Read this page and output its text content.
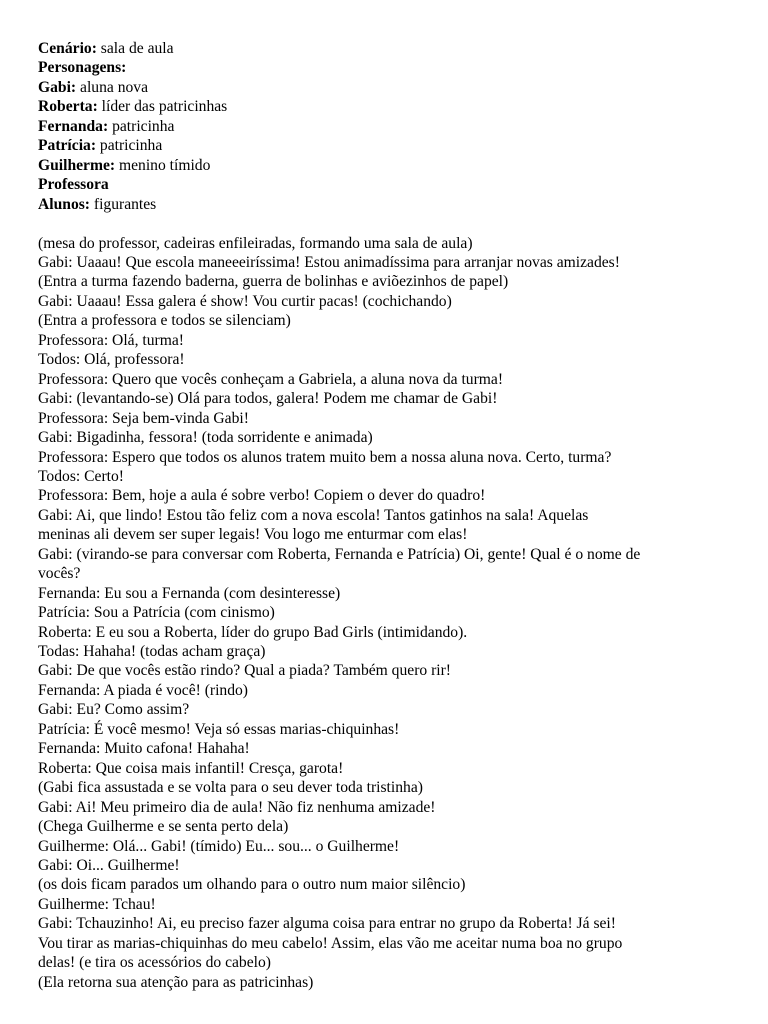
Cenário: sala de aula
Personagens:
Gabi: aluna nova
Roberta: líder das patricinhas
Fernanda: patricinha
Patrícia: patricinha
Guilherme: menino tímido
Professora
Alunos: figurantes
(mesa do professor, cadeiras enfileiradas, formando uma sala de aula)
Gabi: Uaaau! Que escola maneeeiríssima! Estou animadíssima para arranjar novas amizades!
(Entra a turma fazendo baderna, guerra de bolinhas e aviõezinhos de papel)
Gabi: Uaaau! Essa galera é show! Vou curtir pacas! (cochichando)
(Entra a professora e todos se silenciam)
Professora: Olá, turma!
Todos: Olá, professora!
Professora: Quero que vocês conheçam a Gabriela, a aluna nova da turma!
Gabi: (levantando-se) Olá para todos, galera! Podem me chamar de Gabi!
Professora: Seja bem-vinda Gabi!
Gabi: Bigadinha, fessora! (toda sorridente e animada)
Professora: Espero que todos os alunos tratem muito bem a nossa aluna nova. Certo, turma?
Todos: Certo!
Professora: Bem, hoje a aula é sobre verbo! Copiem o dever do quadro!
Gabi: Ai, que lindo! Estou tão feliz com a nova escola! Tantos gatinhos na sala! Aquelas
meninas ali devem ser super legais! Vou logo me enturmar com elas!
Gabi: (virando-se para conversar com Roberta, Fernanda e Patrícia) Oi, gente! Qual é o nome de
vocês?
Fernanda: Eu sou a Fernanda (com desinteresse)
Patrícia: Sou a Patrícia (com cinismo)
Roberta: E eu sou a Roberta, líder do grupo Bad Girls (intimidando).
Todas: Hahaha! (todas acham graça)
Gabi: De que vocês estão rindo? Qual a piada? Também quero rir!
Fernanda: A piada é você! (rindo)
Gabi: Eu? Como assim?
Patrícia: É você mesmo! Veja só essas marias-chiquinhas!
Fernanda: Muito cafona! Hahaha!
Roberta: Que coisa mais infantil! Cresça, garota!
(Gabi fica assustada e se volta para o seu dever toda tristinha)
Gabi: Ai! Meu primeiro dia de aula! Não fiz nenhuma amizade!
(Chega Guilherme e se senta perto dela)
Guilherme: Olá... Gabi! (tímido) Eu... sou... o Guilherme!
Gabi: Oi... Guilherme!
(os dois ficam parados um olhando para o outro num maior silêncio)
Guilherme: Tchau!
Gabi: Tchauzinho! Ai, eu preciso fazer alguma coisa para entrar no grupo da Roberta! Já sei!
Vou tirar as marias-chiquinhas do meu cabelo! Assim, elas vão me aceitar numa boa no grupo
delas! (e tira os acessórios do cabelo)
(Ela retorna sua atenção para as patricinhas)
